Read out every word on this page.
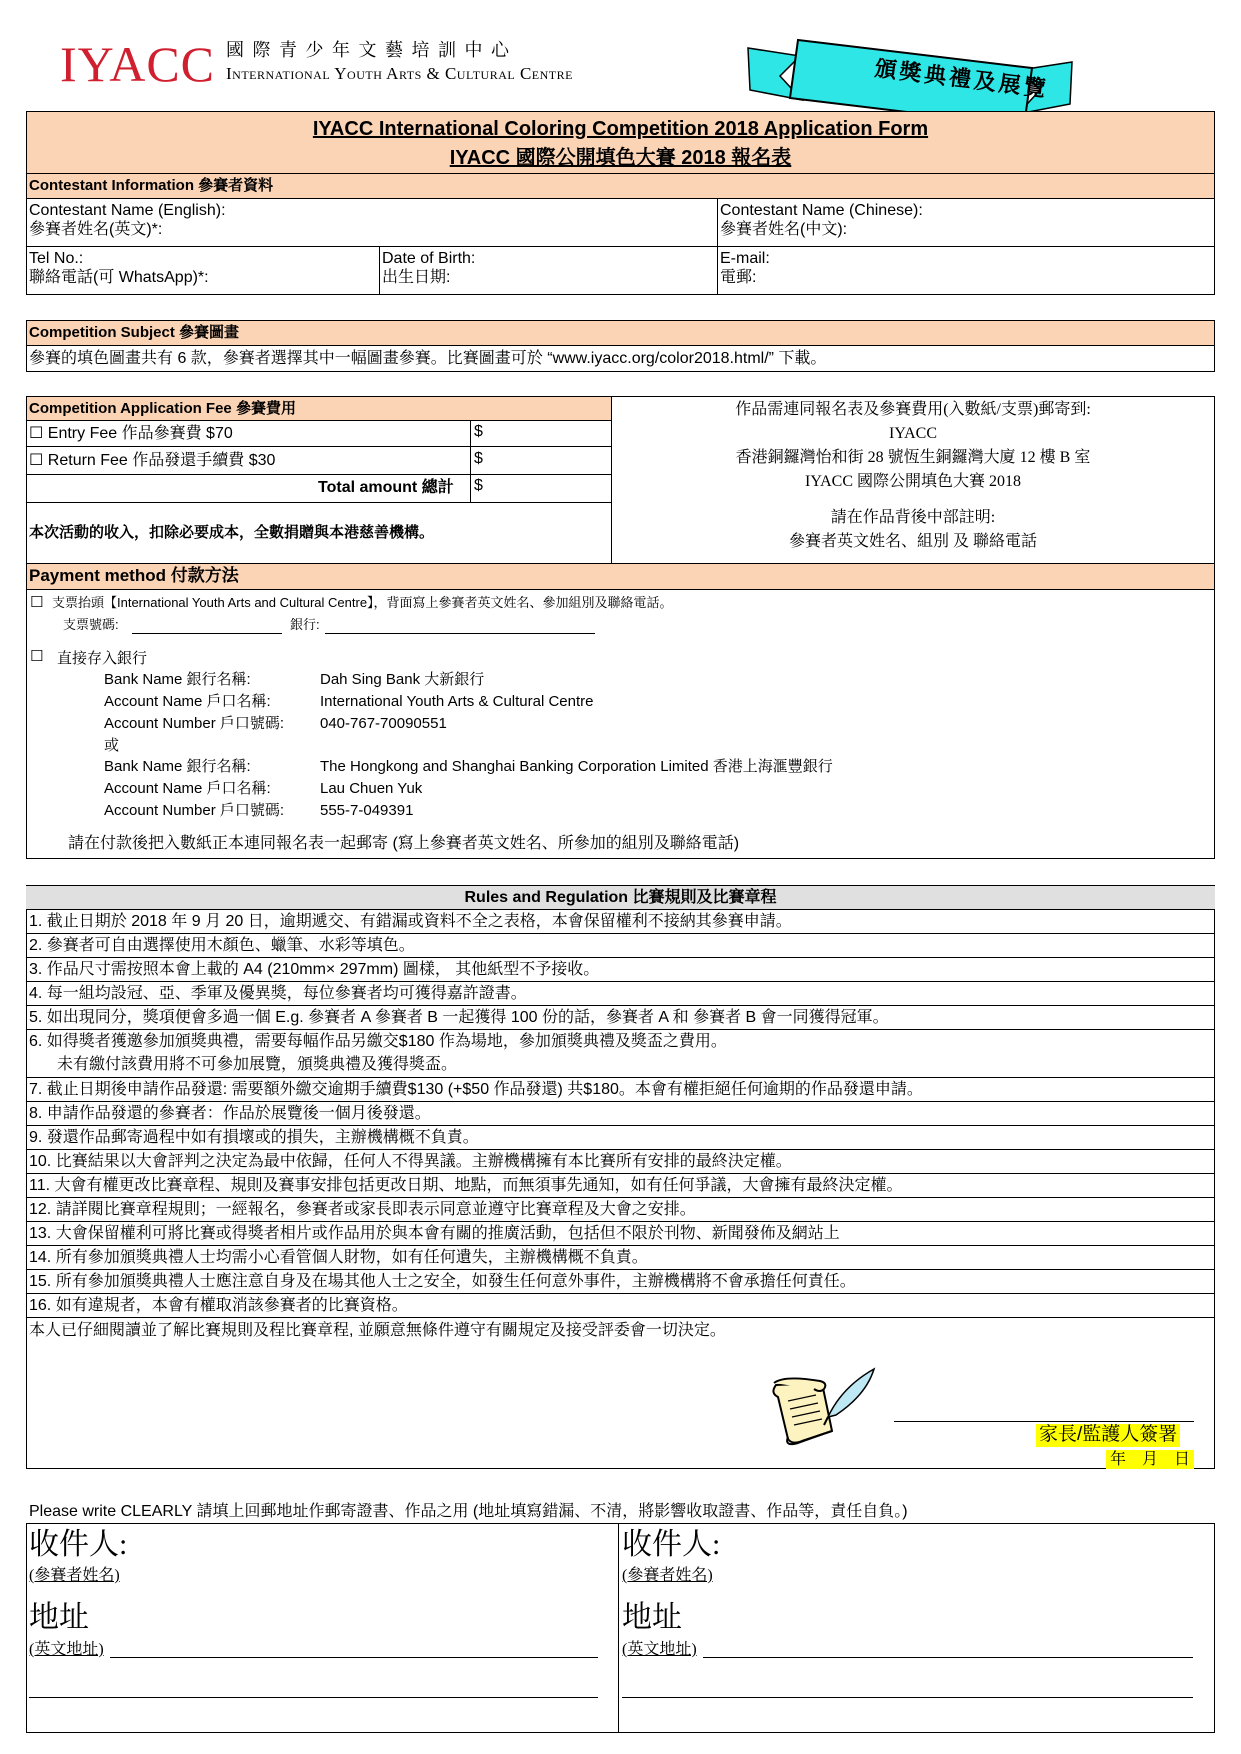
IYACC 國 際 青 少 年 文 藝 培 訓 中 心
International Youth Arts & Cultural Centre	頒獎典禮及展覽
IYACC International Coloring Competition 2018 Application Form
IYACC 國際公開填色大賽 2018 報名表
Contestant Information 參賽者資料
Contestant Name (English):
參賽者姓名(英文)*:
Contestant Name (Chinese):
參賽者姓名(中文):
Tel No.:
聯絡電話(可 WhatsApp)*:
Date of Birth:
出生日期:
E-mail:
電郵:
Competition Subject 參賽圖畫
參賽的填色圖畫共有 6 款，參賽者選擇其中一幅圖畫參賽。比賽圖畫可於 “www.iyacc.org/color2018.html/” 下載。
Competition Application Fee 參賽費用
☐ Entry Fee 作品參賽費 $70	$
☐ Return Fee 作品發還手續費 $30	$
Total amount 總計 $
本次活動的收入，扣除必要成本，全數捐贈與本港慈善機構。
作品需連同報名表及參賽費用(入數紙/支票)郵寄到:
IYACC
香港銅鑼灣怡和街 28 號恆生銅鑼灣大廈 12 樓 B 室
IYACC 國際公開填色大賽 2018
請在作品背後中部註明:
參賽者英文姓名、組別 及 聯絡電話
Payment method 付款方法
☐ 支票抬頭【International Youth Arts and Cultural Centre】，背面寫上參賽者英文姓名、參加組別及聯絡電話。
支票號碼:	銀行:
☐ 直接存入銀行
Bank Name 銀行名稱:	Dah Sing Bank 大新銀行
Account Name 戶口名稱:	International Youth Arts & Cultural Centre
Account Number 戶口號碼: 040-767-70090551
或
Bank Name 銀行名稱:	The Hongkong and Shanghai Banking Corporation Limited 香港上海滙豐銀行
Account Name 戶口名稱:	Lau Chuen Yuk
Account Number 戶口號碼: 555-7-049391
請在付款後把入數紙正本連同報名表一起郵寄 (寫上參賽者英文姓名、所參加的組別及聯絡電話)
Rules and Regulation 比賽規則及比賽章程
1. 截止日期於 2018 年 9 月 20 日，逾期遞交、有錯漏或資料不全之表格，本會保留權利不接納其參賽申請。
2. 參賽者可自由選擇使用木顏色、蠟筆、水彩等填色。
3. 作品尺寸需按照本會上載的 A4 (210mm× 297mm) 圖樣， 其他紙型不予接收。
4. 每一組均設冠、亞、季軍及優異獎，每位參賽者均可獲得嘉許證書。
5. 如出現同分，獎項便會多過一個 E.g. 參賽者 A 參賽者 B 一起獲得 100 份的話，參賽者 A 和 參賽者 B 會一同獲得冠軍。
6. 如得獎者獲邀參加頒獎典禮，需要每幅作品另繳交$180 作為場地，參加頒獎典禮及獎盃之費用。
未有繳付該費用將不可參加展覽，頒獎典禮及獲得獎盃。
7. 截止日期後申請作品發還: 需要額外繳交逾期手續費$130 (+$50 作品發還) 共$180。本會有權拒絕任何逾期的作品發還申請。
8. 申請作品發還的參賽者：作品於展覽後一個月後發還。
9. 發還作品郵寄過程中如有損壞或的損失，主辦機構概不負責。
10. 比賽結果以大會評判之決定為最中依歸，任何人不得異議。主辦機構擁有本比賽所有安排的最終決定權。
11. 大會有權更改比賽章程、規則及賽事安排包括更改日期、地點，而無須事先通知，如有任何爭議，大會擁有最終決定權。
12. 請詳閱比賽章程規則；一經報名，參賽者或家長即表示同意並遵守比賽章程及大會之安排。
13. 大會保留權利可將比賽或得獎者相片或作品用於與本會有關的推廣活動，包括但不限於刊物、新聞發佈及網站上
14. 所有參加頒獎典禮人士均需小心看管個人財物，如有任何遺失，主辦機構概不負責。
15. 所有參加頒獎典禮人士應注意自身及在場其他人士之安全，如發生任何意外事件，主辦機構將不會承擔任何責任。
16. 如有違規者，本會有權取消該參賽者的比賽資格。
本人已仔細閱讀並了解比賽規則及程比賽章程, 並願意無條件遵守有關規定及接受評委會一切決定。
家長/監護人簽署
年　月　日
Please write CLEARLY 請填上回郵地址作郵寄證書、作品之用 (地址填寫錯漏、不清，將影響收取證書、作品等，責任自負。)
收件人:
(參賽者姓名)
地址
(英文地址)
收件人:
(參賽者姓名)
地址
(英文地址)
